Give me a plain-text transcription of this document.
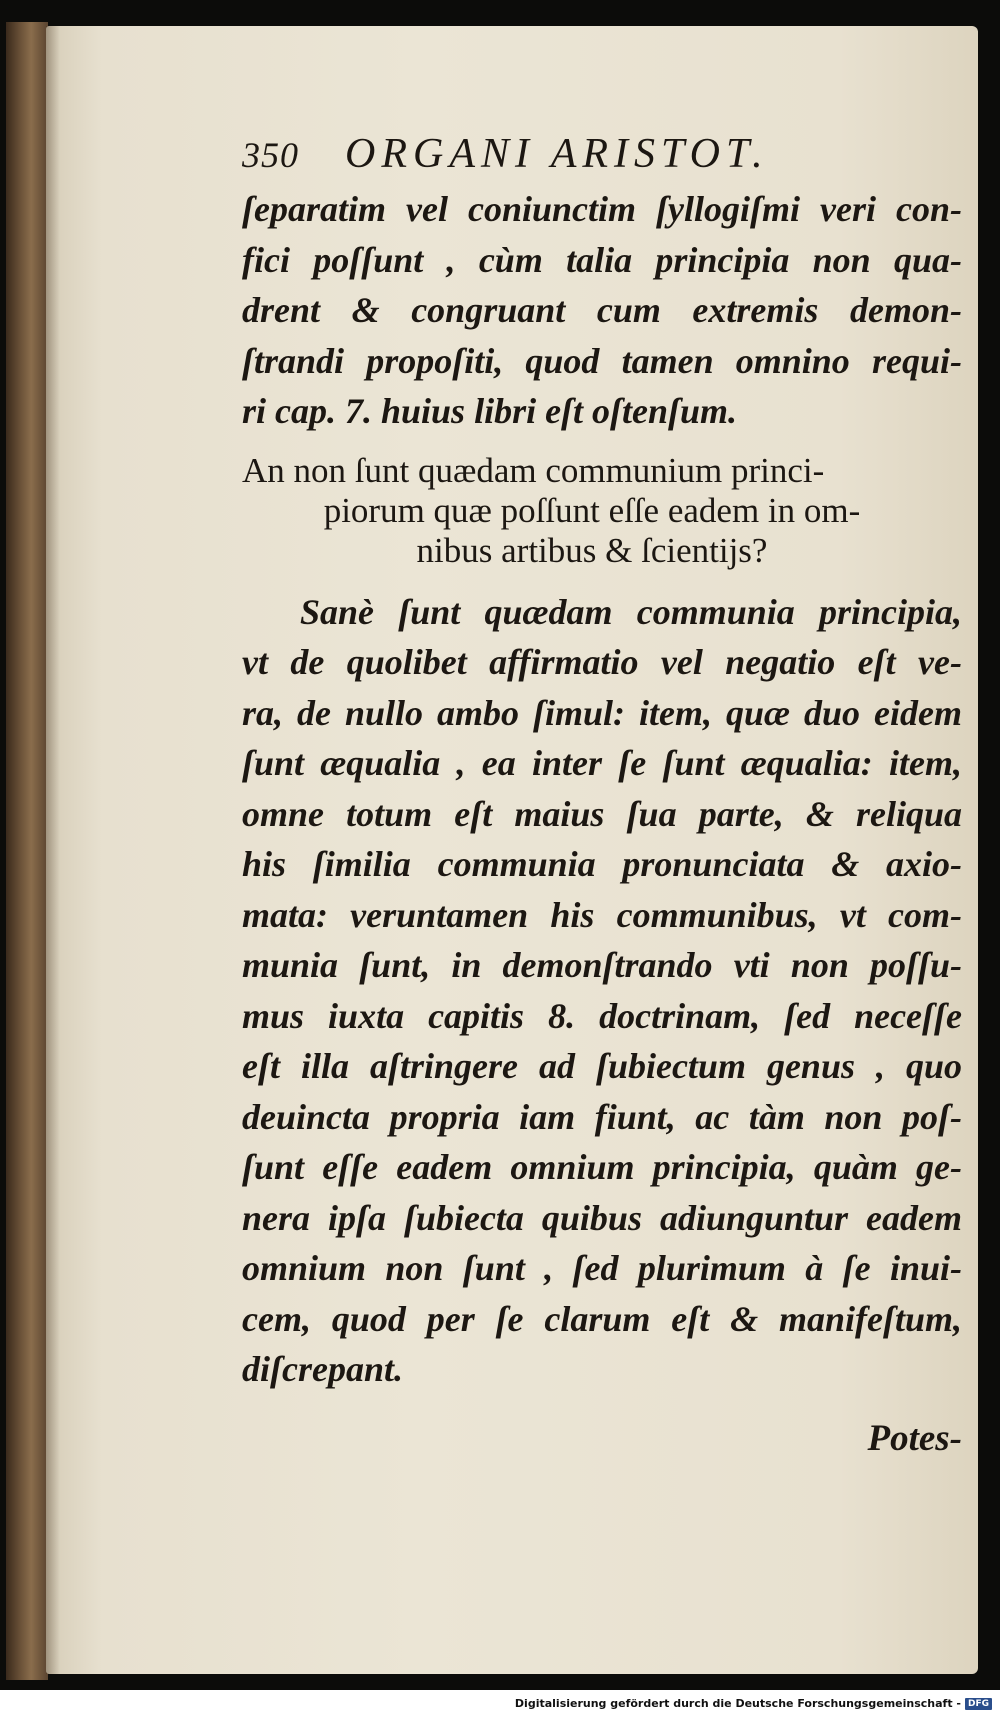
350 ORGANI ARISTOT.
ſeparatim vel coniunctim ſyllogiſmi veri con-
fici poſſunt , cùm talia principia non qua-
drent & congruant cum extremis demon-
ſtrandi propoſiti, quod tamen omnino requi-
ri cap. 7. huius libri eſt oſtenſum.
An non ſunt quædam communium princi-
piorum quæ poſſunt eſſe eadem in om-
nibus artibus & ſcientijs?
Sanè ſunt quædam communia principia,
vt de quolibet affirmatio vel negatio eſt ve-
ra, de nullo ambo ſimul: item, quæ duo eidem
ſunt æqualia , ea inter ſe ſunt æqualia: item,
omne totum eſt maius ſua parte, & reliqua
his ſimilia communia pronunciata & axio-
mata: veruntamen his communibus, vt com-
munia ſunt, in demonſtrando vti non poſſu-
mus iuxta capitis 8. doctrinam, ſed neceſſe
eſt illa aſtringere ad ſubiectum genus , quo
deuincta propria iam fiunt, ac tàm non poſ-
ſunt eſſe eadem omnium principia, quàm ge-
nera ipſa ſubiecta quibus adiunguntur eadem
omnium non ſunt , ſed plurimum à ſe inui-
cem, quod per ſe clarum eſt & manifeſtum,
diſcrepant.
Potes-
Digitalisierung gefördert durch die Deutsche Forschungsgemeinschaft - DFG
